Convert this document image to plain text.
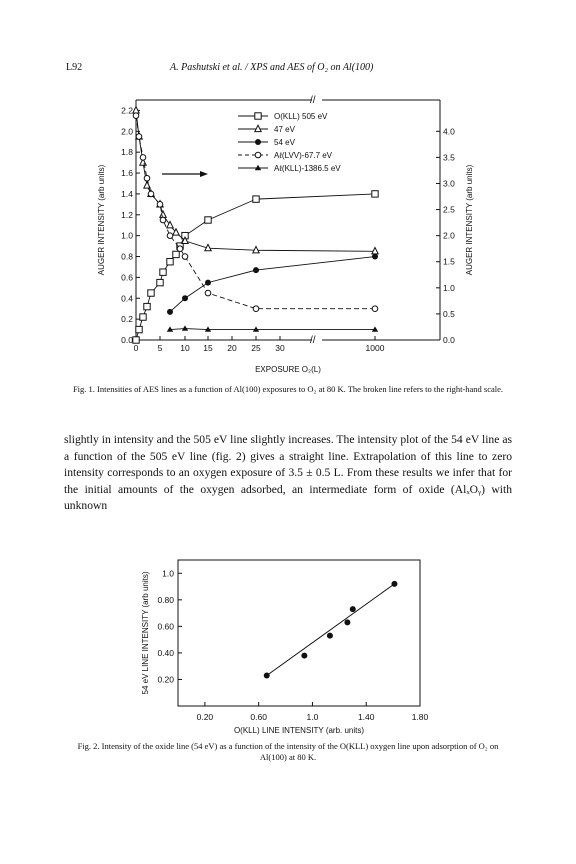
L92	A. Pashutski et al. / XPS and AES of O₂ on Al(100)
//
//
0.0
0.2
0.4
0.6
0.8
1.0
1.2
1.4
1.6
1.8
2.0
2.2
0.0
0.5
1.0
1.5
2.0
2.5
3.0
3.5
4.0
0 5 10 15 20 25 30	1000
EXPOSURE O₂(L)
AUGER INTENSITY (arb units)	AUGER INTENSITY (arb units)
O(KLL) 505 eV
47 eV
54 eV
Aℓ(LVV)-67.7 eV
Aℓ(KLL)-1386.5 eV
Fig. 1. Intensities of AES lines as a function of Al(100) exposures to O₂ at 80 K. The broken line refers to the right-hand scale.
slightly in intensity and the 505 eV line slightly increases. The intensity plot of the 54 eV line as a function of the 505 eV line (fig. 2) gives a straight line. Extrapolation of this line to zero intensity corresponds to an oxygen exposure of 3.5 ± 0.5 L. From these results we infer that for the initial amounts of the oxygen adsorbed, an intermediate form of oxide (AlₓOᵧ) with unknown
0.20	0.60	1.0	1.40	1.80
0.20
0.40
0.60
0.80
1.0
O(KLL) LINE INTENSITY (arb. units)
54 eV LINE INTENSITY (arb units)
Fig. 2. Intensity of the oxide line (54 eV) as a function of the intensity of the O(KLL) oxygen line upon adsorption of O₂ on Al(100) at 80 K.
